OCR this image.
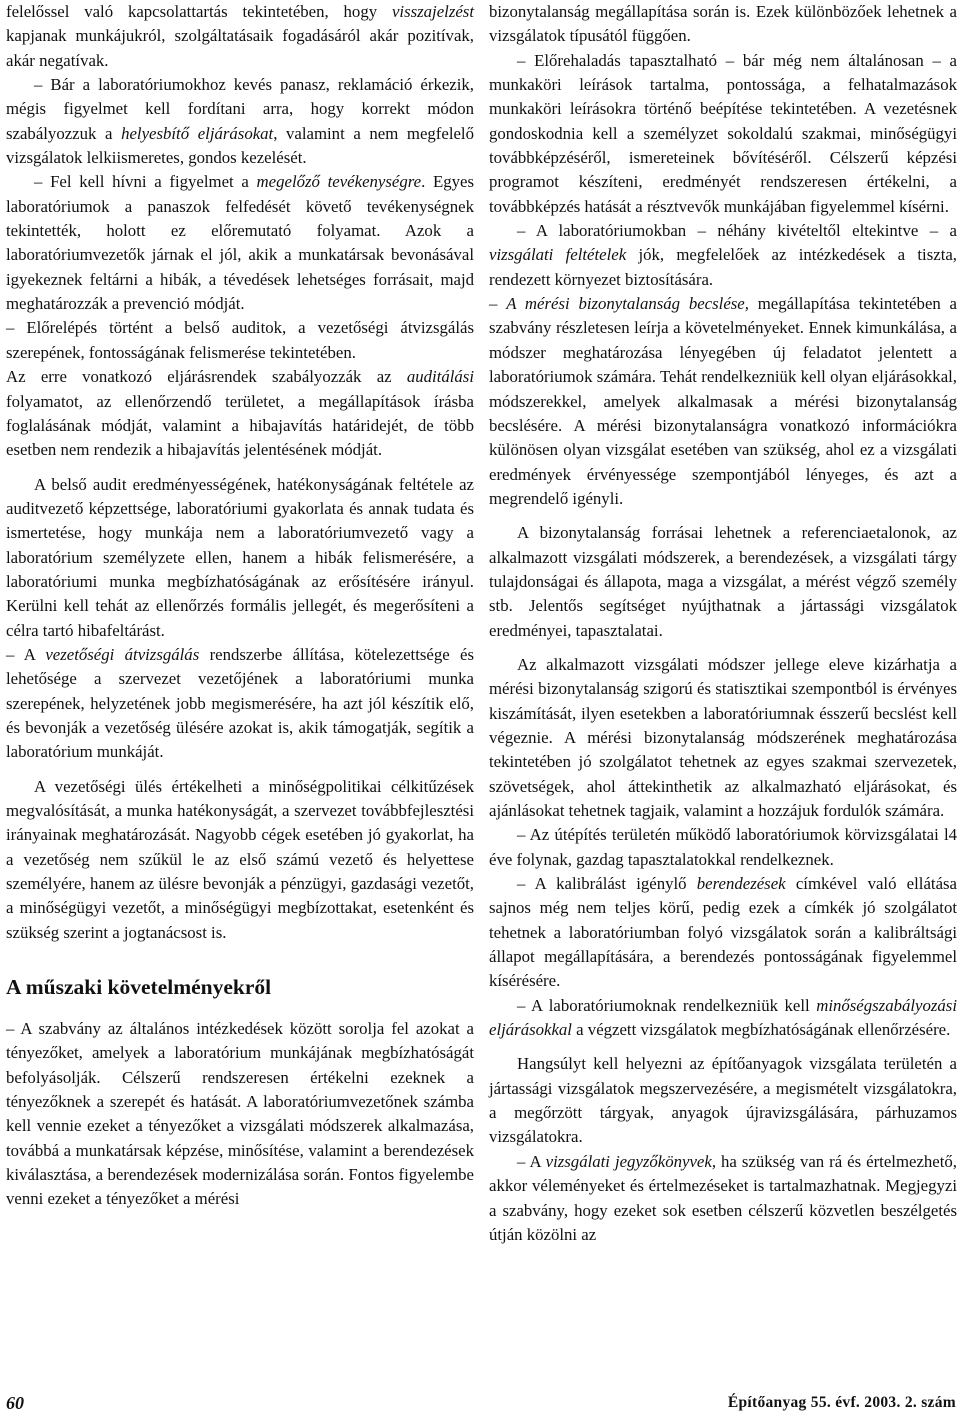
felelőssel való kapcsolattartás tekintetében, hogy visszajelzést kapjanak munkájukról, szolgáltatásaik fogadásáról akár pozitívak, akár negatívak.

– Bár a laboratóriumokhoz kevés panasz, reklamáció érkezik, mégis figyelmet kell fordítani arra, hogy korrekt módon szabályozzuk a helyesbítő eljárásokat, valamint a nem megfelelő vizsgálatok lelkiismeretes, gondos kezelését.

– Fel kell hívni a figyelmet a megelőző tevékenységre. Egyes laboratóriumok a panaszok felfedését követő tevékenységnek tekintették, holott ez előremutató folyamat. Azok a laboratóriumvezetők járnak el jól, akik a munkatársak bevonásával igyekeznek feltárni a hibák, a tévedések lehetséges forrásait, majd meghatározzák a prevenció módját.

– Előrelépés történt a belső auditok, a vezetőségi átvizsgálás szerepének, fontosságának felismerése tekintetében.

Az erre vonatkozó eljárásrendek szabályozzák az auditálási folyamatot, az ellenőrzendő területet, a megállapítások írásba foglalásának módját, valamint a hibajavítás határidejét, de több esetben nem rendezik a hibajavítás jelentésének módját.

A belső audit eredményességének, hatékonyságának feltétele az auditvezető képzettsége, laboratóriumi gyakorlata és annak tudata és ismertetése, hogy munkája nem a laboratóriumvezető vagy a laboratórium személyzete ellen, hanem a hibák felismerésére, a laboratóriumi munka megbízhatóságának az erősítésére irányul. Kerülni kell tehát az ellenőrzés formális jellegét, és megerősíteni a célra tartó hibafeltárást.

– A vezetőségi átvizsgálás rendszerbe állítása, kötelezettsége és lehetősége a szervezet vezetőjének a laboratóriumi munka szerepének, helyzetének jobb megismerésére, ha azt jól készítik elő, és bevonják a vezetőség ülésére azokat is, akik támogatják, segítik a laboratórium munkáját.

A vezetőségi ülés értékelheti a minőségpolitikai célkitűzések megvalósítását, a munka hatékonyságát, a szervezet továbbfejlesztési irányainak meghatározását. Nagyobb cégek esetében jó gyakorlat, ha a vezetőség nem szűkül le az első számú vezető és helyettese személyére, hanem az ülésre bevonják a pénzügyi, gazdasági vezetőt, a minőségügyi vezetőt, a minőségügyi megbízottakat, esetenként és szükség szerint a jogtanácsost is.

A műszaki követelményekről

– A szabvány az általános intézkedések között sorolja fel azokat a tényezőket, amelyek a laboratórium munkájának megbízhatóságát befolyásolják. Célszerű rendszeresen értékelni ezeknek a tényezőknek a szerepét és hatását. A laboratóriumvezetőnek számba kell vennie ezeket a tényezőket a vizsgálati módszerek alkalmazása, továbbá a munkatársak képzése, minősítése, valamint a berendezések kiválasztása, a berendezések modernizálása során. Fontos figyelembe venni ezeket a tényezőket a mérési

bizonytalanság megállapítása során is. Ezek különbözőek lehetnek a vizsgálatok típusától függően.

– Előrehaladás tapasztalható – bár még nem általánosan – a munkaköri leírások tartalma, pontossága, a felhatalmazások munkaköri leírásokra történő beépítése tekintetében. A vezetésnek gondoskodnia kell a személyzet sokoldalú szakmai, minőségügyi továbbképzéséről, ismereteinek bővítéséről. Célszerű képzési programot készíteni, eredményét rendszeresen értékelni, a továbbképzés hatását a résztvevők munkájában figyelemmel kísérni.

– A laboratóriumokban – néhány kivételtől eltekintve – a vizsgálati feltételek jók, megfelelőek az intézkedések a tiszta, rendezett környezet biztosítására.

– A mérési bizonytalanság becslése, megállapítása tekintetében a szabvány részletesen leírja a követelményeket. Ennek kimunkálása, a módszer meghatározása lényegében új feladatot jelentett a laboratóriumok számára. Tehát rendelkezniük kell olyan eljárásokkal, módszerekkel, amelyek alkalmasak a mérési bizonytalanság becslésére. A mérési bizonytalanságra vonatkozó információkra különösen olyan vizsgálat esetében van szükség, ahol ez a vizsgálati eredmények érvényessége szempontjából lényeges, és azt a megrendelő igényli.

A bizonytalanság forrásai lehetnek a referenciaetalonok, az alkalmazott vizsgálati módszerek, a berendezések, a vizsgálati tárgy tulajdonságai és állapota, maga a vizsgálat, a mérést végző személy stb. Jelentős segítséget nyújthatnak a jártassági vizsgálatok eredményei, tapasztalatai.

Az alkalmazott vizsgálati módszer jellege eleve kizárhatja a mérési bizonytalanság szigorú és statisztikai szempontból is érvényes kiszámítását, ilyen esetekben a laboratóriumnak ésszerű becslést kell végeznie. A mérési bizonytalanság módszerének meghatározása tekintetében jó szolgálatot tehetnek az egyes szakmai szervezetek, szövetségek, ahol áttekinthetik az alkalmazható eljárásokat, és ajánlásokat tehetnek tagjaik, valamint a hozzájuk fordulók számára.

– Az útépítés területén működő laboratóriumok körvizsgálatai l4 éve folynak, gazdag tapasztalatokkal rendelkeznek.

– A kalibrálást igénylő berendezések címkével való ellátása sajnos még nem teljes körű, pedig ezek a címkék jó szolgálatot tehetnek a laboratóriumban folyó vizsgálatok során a kalibráltsági állapot megállapítására, a berendezés pontosságának figyelemmel kísérésére.

– A laboratóriumoknak rendelkezniük kell minőségszabályozási eljárásokkal a végzett vizsgálatok megbízhatóságának ellenőrzésére.

Hangsúlyt kell helyezni az építőanyagok vizsgálata területén a jártassági vizsgálatok megszervezésére, a megismételt vizsgálatokra, a megőrzött tárgyak, anyagok újravizsgálására, párhuzamos vizsgálatokra.

– A vizsgálati jegyzőkönyvek, ha szükség van rá és értelmezhető, akkor véleményeket és értelmezéseket is tartalmazhatnak. Megjegyzi a szabvány, hogy ezeket sok esetben célszerű közvetlen beszélgetés útján közölni az

60	Építőanyag 55. évf. 2003. 2. szám
